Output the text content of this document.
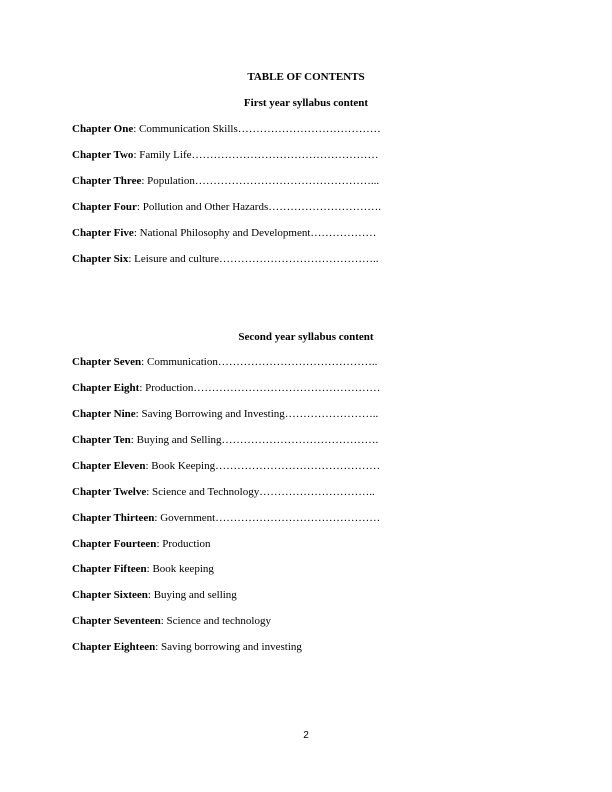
TABLE OF CONTENTS
First year syllabus content
Chapter One: Communication Skills…………………………………
Chapter Two: Family Life……………………………………………
Chapter Three: Population…………………………………………...
Chapter Four: Pollution and Other Hazards………………………….
Chapter Five: National Philosophy and Development………………
Chapter Six: Leisure and culture……………………………………..
Second year syllabus content
Chapter Seven: Communication……………………………………..
Chapter Eight: Production……………………………………………
Chapter Nine: Saving Borrowing and Investing……………………..
Chapter Ten: Buying and Selling…………………………………….
Chapter Eleven: Book Keeping………………………………………
Chapter Twelve: Science and Technology…………………………..
Chapter Thirteen: Government………………………………………
Chapter Fourteen: Production
Chapter Fifteen: Book keeping
Chapter Sixteen: Buying and selling
Chapter Seventeen: Science and technology
Chapter Eighteen: Saving borrowing and investing
2
